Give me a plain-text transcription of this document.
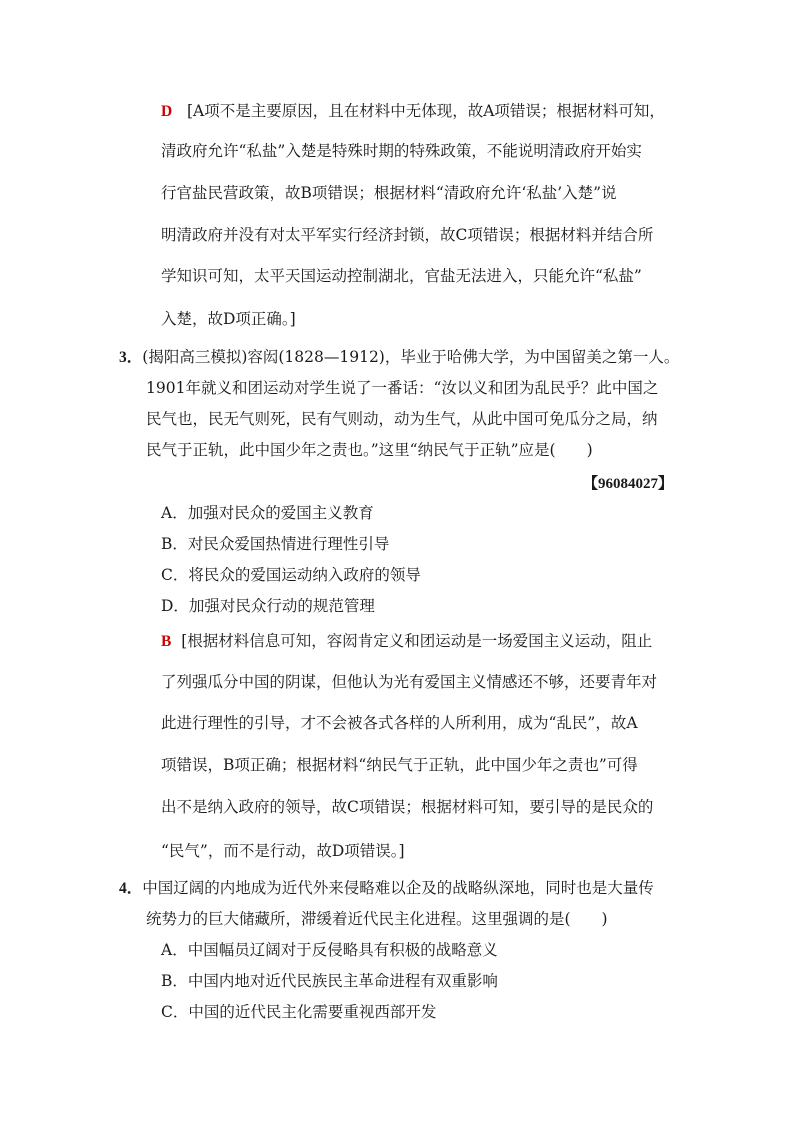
D [A项不是主要原因，且在材料中无体现，故A项错误；根据材料可知，
清政府允许“私盐”入楚是特殊时期的特殊政策，不能说明清政府开始实
行官盐民营政策，故B项错误；根据材料“清政府允许‘私盐’入楚”说
明清政府并没有对太平军实行经济封锁，故C项错误；根据材料并结合所
学知识可知，太平天国运动控制湖北，官盐无法进入，只能允许“私盐”
入楚，故D项正确。]
3．(揭阳高三模拟)容闳(1828—1912)，毕业于哈佛大学，为中国留美之第一人。
1901年就义和团运动对学生说了一番话：“汝以义和团为乱民乎？此中国之
民气也，民无气则死，民有气则动，动为生气，从此中国可免瓜分之局，纳
民气于正轨，此中国少年之责也。”这里“纳民气于正轨”应是(　　)
【96084027】
A．加强对民众的爱国主义教育
B．对民众爱国热情进行理性引导
C．将民众的爱国运动纳入政府的领导
D．加强对民众行动的规范管理
B [根据材料信息可知，容闳肯定义和团运动是一场爱国主义运动，阻止
了列强瓜分中国的阴谋，但他认为光有爱国主义情感还不够，还要青年对
此进行理性的引导，才不会被各式各样的人所利用，成为“乱民”，故A
项错误，B项正确；根据材料“纳民气于正轨，此中国少年之责也”可得
出不是纳入政府的领导，故C项错误；根据材料可知，要引导的是民众的
“民气”，而不是行动，故D项错误。]
4．中国辽阔的内地成为近代外来侵略难以企及的战略纵深地，同时也是大量传
统势力的巨大储藏所，滞缓着近代民主化进程。这里强调的是(　　)
A．中国幅员辽阔对于反侵略具有积极的战略意义
B．中国内地对近代民族民主革命进程有双重影响
C．中国的近代民主化需要重视西部开发
